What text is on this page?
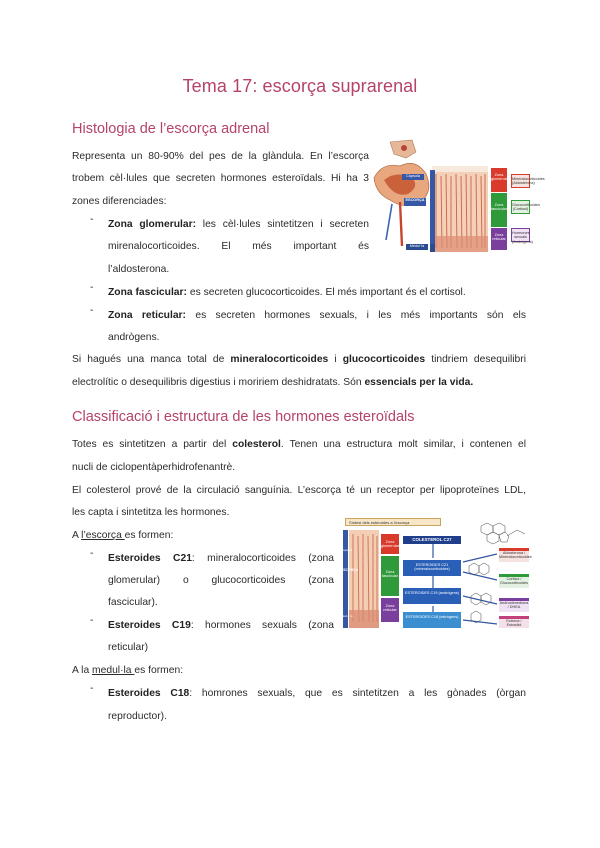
Tema 17: escorça suprarenal
Histologia de l’escorça adrenal

Representa un 80-90% del pes de la glàndula. En l’escorça

trobem cèl·lules que secreten hormones esteroïdals. Hi ha 3

zones diferenciades:

- Zona glomerular: les cèl·lules sintetitzen i secreten

mirenalocorticoides. El més important és

l’aldosterona.

- Zona fascicular: es secreten glucocorticoides. El més important és el cortisol.

- Zona reticular: es secreten hormones sexuals, i les més importants són els

andrògens.

Si hagués una manca total de mineralocorticoides i glucocorticoides tindriem desequilibri

electrolític o desequilibris digestius i moririem deshidratats. Són essencials per la vida.

Càpsula
ESCORÇA
Medul·la
Zona glomerular
Zona fascicular
Zona reticular
Mineralocorticoides (Aldosterona)
Glucocorticoides (Cortisol)
Hormones sexuals (Andrògens)
Classificació i estructura de les hormones esteroïdals

Totes es sintetitzen a partir del colesterol. Tenen una estructura molt similar, i contenen el

nucli de ciclopentàperhidrofenantrè.

El colesterol prové de la circulació sanguínia. L’escorça té un receptor per lipoproteïnes LDL,

les capta i sintetitza les hormones.

A l’escorça es formen:

- Esteroides C21: mineralocorticoides (zona

glomerular) o glucocorticoides (zona

fascicular).

- Esteroides C19: hormones sexuals (zona

reticular)

A la medul·la es formen:

- Esteroides C18: homrones sexuals, que es sintetitzen a les gònades (òrgan

reproductor).

Síntesi dels esteroides a l'escorça
Càpsula
ESCORÇA
Medul·la
Zona glomerular
Zona fascicular
Zona reticular
COLESTEROL C27
ESTEROIDES C21 (mineralocorticoides)
ESTEROIDES C19 (andrògens)
ESTEROIDES C18 (estrògens)
Aldosterona / Mineralocorticoides
Cortisol / Glucocorticoides
Androstenediona / DHEA
Estrona / Estradiol
